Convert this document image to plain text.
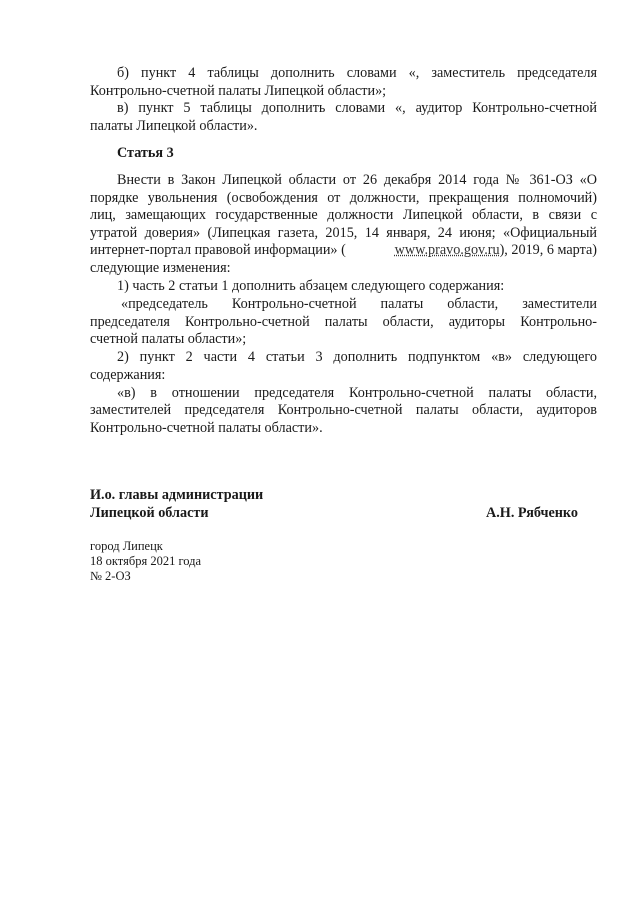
б) пункт 4 таблицы дополнить словами «, заместитель председателя
Контрольно-счетной палаты Липецкой области»;
в) пункт 5 таблицы дополнить словами «, аудитор Контрольно-счетной
палаты Липецкой области».
Статья 3
Внести в Закон Липецкой области от 26 декабря 2014 года № 361-ОЗ «О
порядке увольнения (освобождения от должности, прекращения полномочий)
лиц, замещающих государственные должности Липецкой области, в связи с
утратой доверия» (Липецкая газета, 2015, 14 января, 24 июня; «Официальный
интернет-портал правовой информации» (	www.pravo.gov.ru), 2019, 6 марта)
следующие изменения:
1) часть 2 статьи 1 дополнить абзацем следующего содержания:
«председатель Контрольно-счетной палаты области, заместители
председателя Контрольно-счетной палаты области, аудиторы Контрольно-
счетной палаты области»;
2) пункт 2 части 4 статьи 3 дополнить подпунктом «в» следующего
содержания:
«в) в отношении председателя Контрольно-счетной палаты области,
заместителей председателя Контрольно-счетной палаты области, аудиторов
Контрольно-счетной палаты области».
И.о. главы администрации
Липецкой области	А.Н. Рябченко
город Липецк
18 октября 2021 года
№ 2-ОЗ
